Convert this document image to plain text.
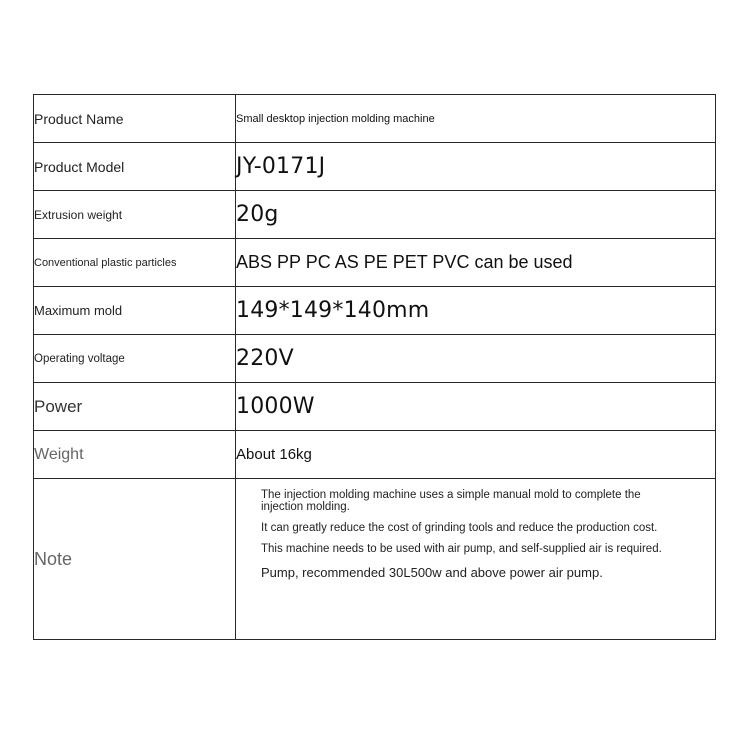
Product Name	Small desktop injection molding machine
Product Model	JY-0171J
Extrusion weight	20g
Conventional plastic particles	ABS PP PC AS PE PET PVC can be used
Maximum mold	149*149*140mm
Operating voltage	220V
Power	1000W
Weight	About 16kg
Note	The injection molding machine uses a simple manual mold to complete the injection molding.
It can greatly reduce the cost of grinding tools and reduce the production cost.
This machine needs to be used with air pump, and self-supplied air is required.
Pump, recommended 30L500w and above power air pump.
